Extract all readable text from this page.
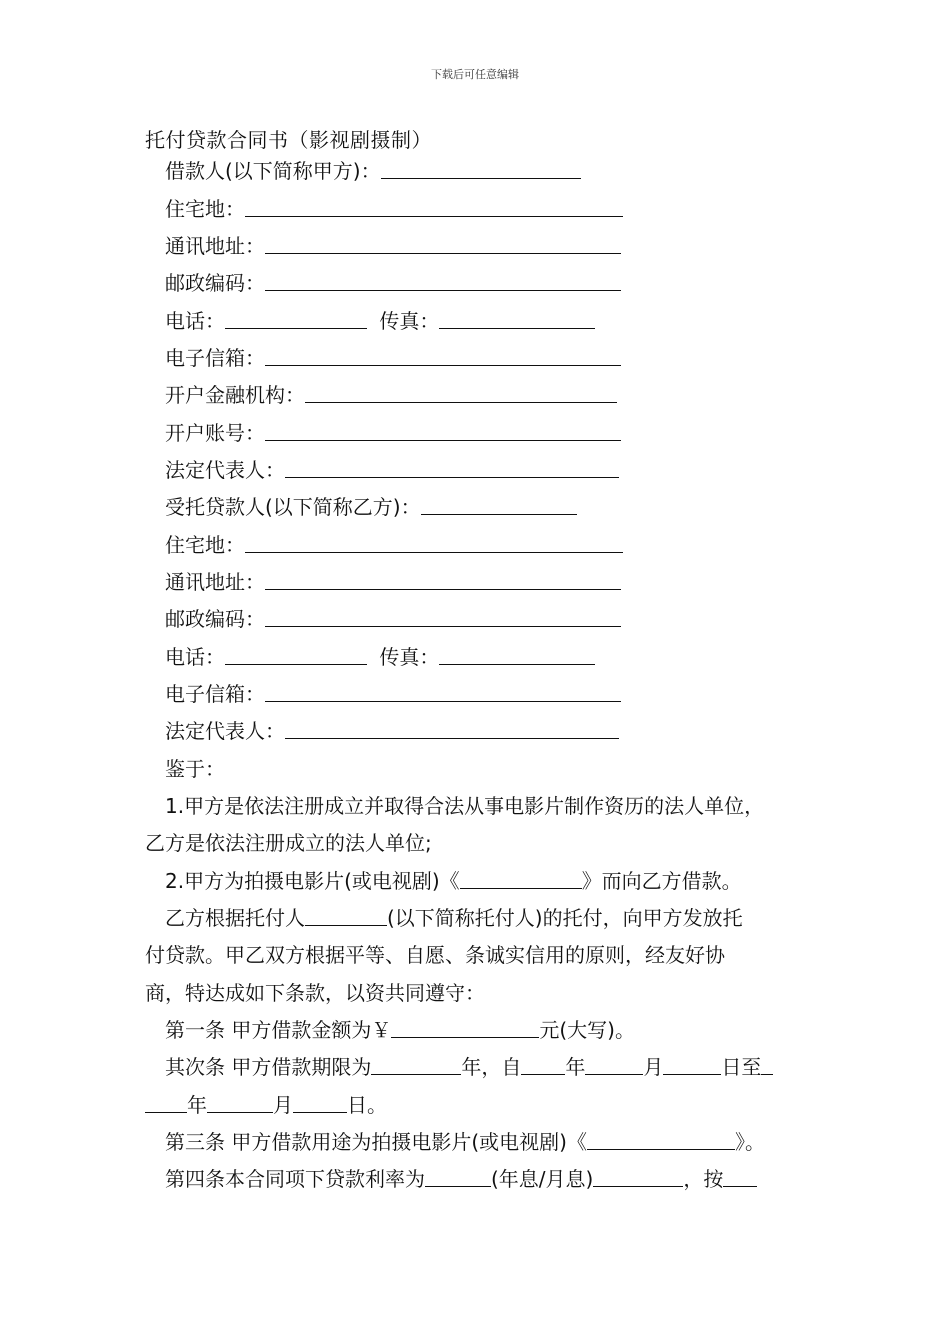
下载后可任意编辑
托付贷款合同书（影视剧摄制）
借款人(以下简称甲方)：
住宅地：
通讯地址：
邮政编码：
电话：	传真：
电子信箱：
开户金融机构：
开户账号：
法定代表人：
受托贷款人(以下简称乙方)：
住宅地：
通讯地址：
邮政编码：
电话：	传真：
电子信箱：
法定代表人：
鉴于：
1.甲方是依法注册成立并取得合法从事电影片制作资历的法人单位，
乙方是依法注册成立的法人单位;
2.甲方为拍摄电影片(或电视剧)《	》而向乙方借款。
乙方根据托付人	(以下简称托付人)的托付，向甲方发放托
付贷款。甲乙双方根据平等、自愿、条诚实信用的原则，经友好协
商，特达成如下条款，以资共同遵守：
第一条 甲方借款金额为￥	元(大写)。
其次条 甲方借款期限为	年，自 年	月	日至
年	月	日。
第三条 甲方借款用途为拍摄电影片(或电视剧)《	》。
第四条本合同项下贷款利率为	(年息/月息)	，按
